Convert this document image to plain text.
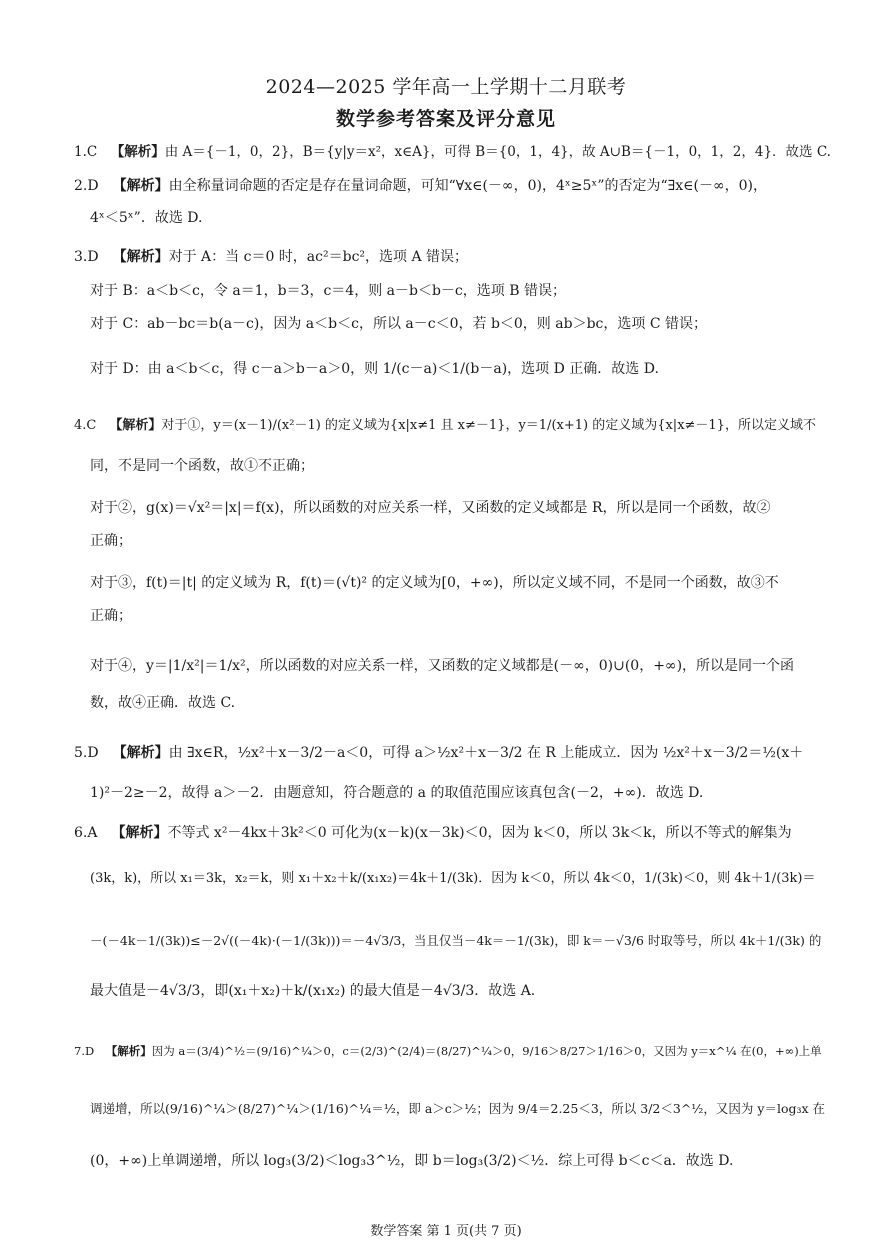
2024—2025 学年高一上学期十二月联考
数学参考答案及评分意见
1.C  【解析】由 A＝{－1，0，2}，B＝{y|y＝x²，x∈A}，可得 B＝{0，1，4}，故 A∪B＝{－1，0，1，2，4}．故选 C.
2.D  【解析】由全称量词命题的否定是存在量词命题，可知“∀x∈(－∞，0)，4ˣ≥5ˣ”的否定为“∃x∈(－∞，0)，
4ˣ＜5ˣ”．故选 D.
3.D  【解析】对于 A：当 c＝0 时，ac²＝bc²，选项 A 错误；
对于 B：a＜b＜c，令 a＝1，b＝3，c＝4，则 a－b＜b－c，选项 B 错误；
对于 C：ab－bc＝b(a－c)，因为 a＜b＜c，所以 a－c＜0，若 b＜0，则 ab＞bc，选项 C 错误；
对于 D：由 a＜b＜c，得 c－a＞b－a＞0，则 1/(c－a)＜1/(b－a)，选项 D 正确．故选 D.
4.C  【解析】对于①，y＝(x－1)/(x²－1) 的定义域为{x|x≠1 且 x≠－1}，y＝1/(x+1) 的定义域为{x|x≠－1}，所以定义域不
同，不是同一个函数，故①不正确；
对于②，g(x)＝√x²＝|x|＝f(x)，所以函数的对应关系一样，又函数的定义域都是 R，所以是同一个函数，故②
正确；
对于③，f(t)＝|t| 的定义域为 R，f(t)＝(√t)² 的定义域为[0，+∞)，所以定义域不同，不是同一个函数，故③不
正确；
对于④，y＝|1/x²|＝1/x²，所以函数的对应关系一样，又函数的定义域都是(－∞，0)∪(0，+∞)，所以是同一个函
数，故④正确．故选 C.
5.D  【解析】由 ∃x∈R，½x²＋x－3/2－a＜0，可得 a＞½x²＋x－3/2 在 R 上能成立．因为 ½x²＋x－3/2＝½(x＋
1)²－2≥－2，故得 a＞－2．由题意知，符合题意的 a 的取值范围应该真包含(－2，+∞)．故选 D.
6.A  【解析】不等式 x²－4kx＋3k²＜0 可化为(x－k)(x－3k)＜0，因为 k＜0，所以 3k＜k，所以不等式的解集为
(3k，k)，所以 x₁＝3k，x₂＝k，则 x₁＋x₂＋k/(x₁x₂)＝4k＋1/(3k)．因为 k＜0，所以 4k＜0，1/(3k)＜0，则 4k＋1/(3k)＝
－(－4k－1/(3k))≤－2√((－4k)·(－1/(3k)))＝－4√3/3，当且仅当－4k＝－1/(3k)，即 k＝－√3/6 时取等号，所以 4k＋1/(3k) 的
最大值是－4√3/3，即(x₁＋x₂)＋k/(x₁x₂) 的最大值是－4√3/3．故选 A.
7.D  【解析】因为 a＝(3/4)^½＝(9/16)^¼＞0，c＝(2/3)^(2/4)＝(8/27)^¼＞0，9/16＞8/27＞1/16＞0，又因为 y＝x^¼ 在(0，+∞)上单
调递增，所以(9/16)^¼＞(8/27)^¼＞(1/16)^¼＝½，即 a＞c＞½；因为 9/4＝2.25＜3，所以 3/2＜3^½，又因为 y＝log₃x 在
(0，+∞)上单调递增，所以 log₃(3/2)＜log₃3^½，即 b＝log₃(3/2)＜½．综上可得 b＜c＜a．故选 D.
数学答案 第 1 页(共 7 页)
